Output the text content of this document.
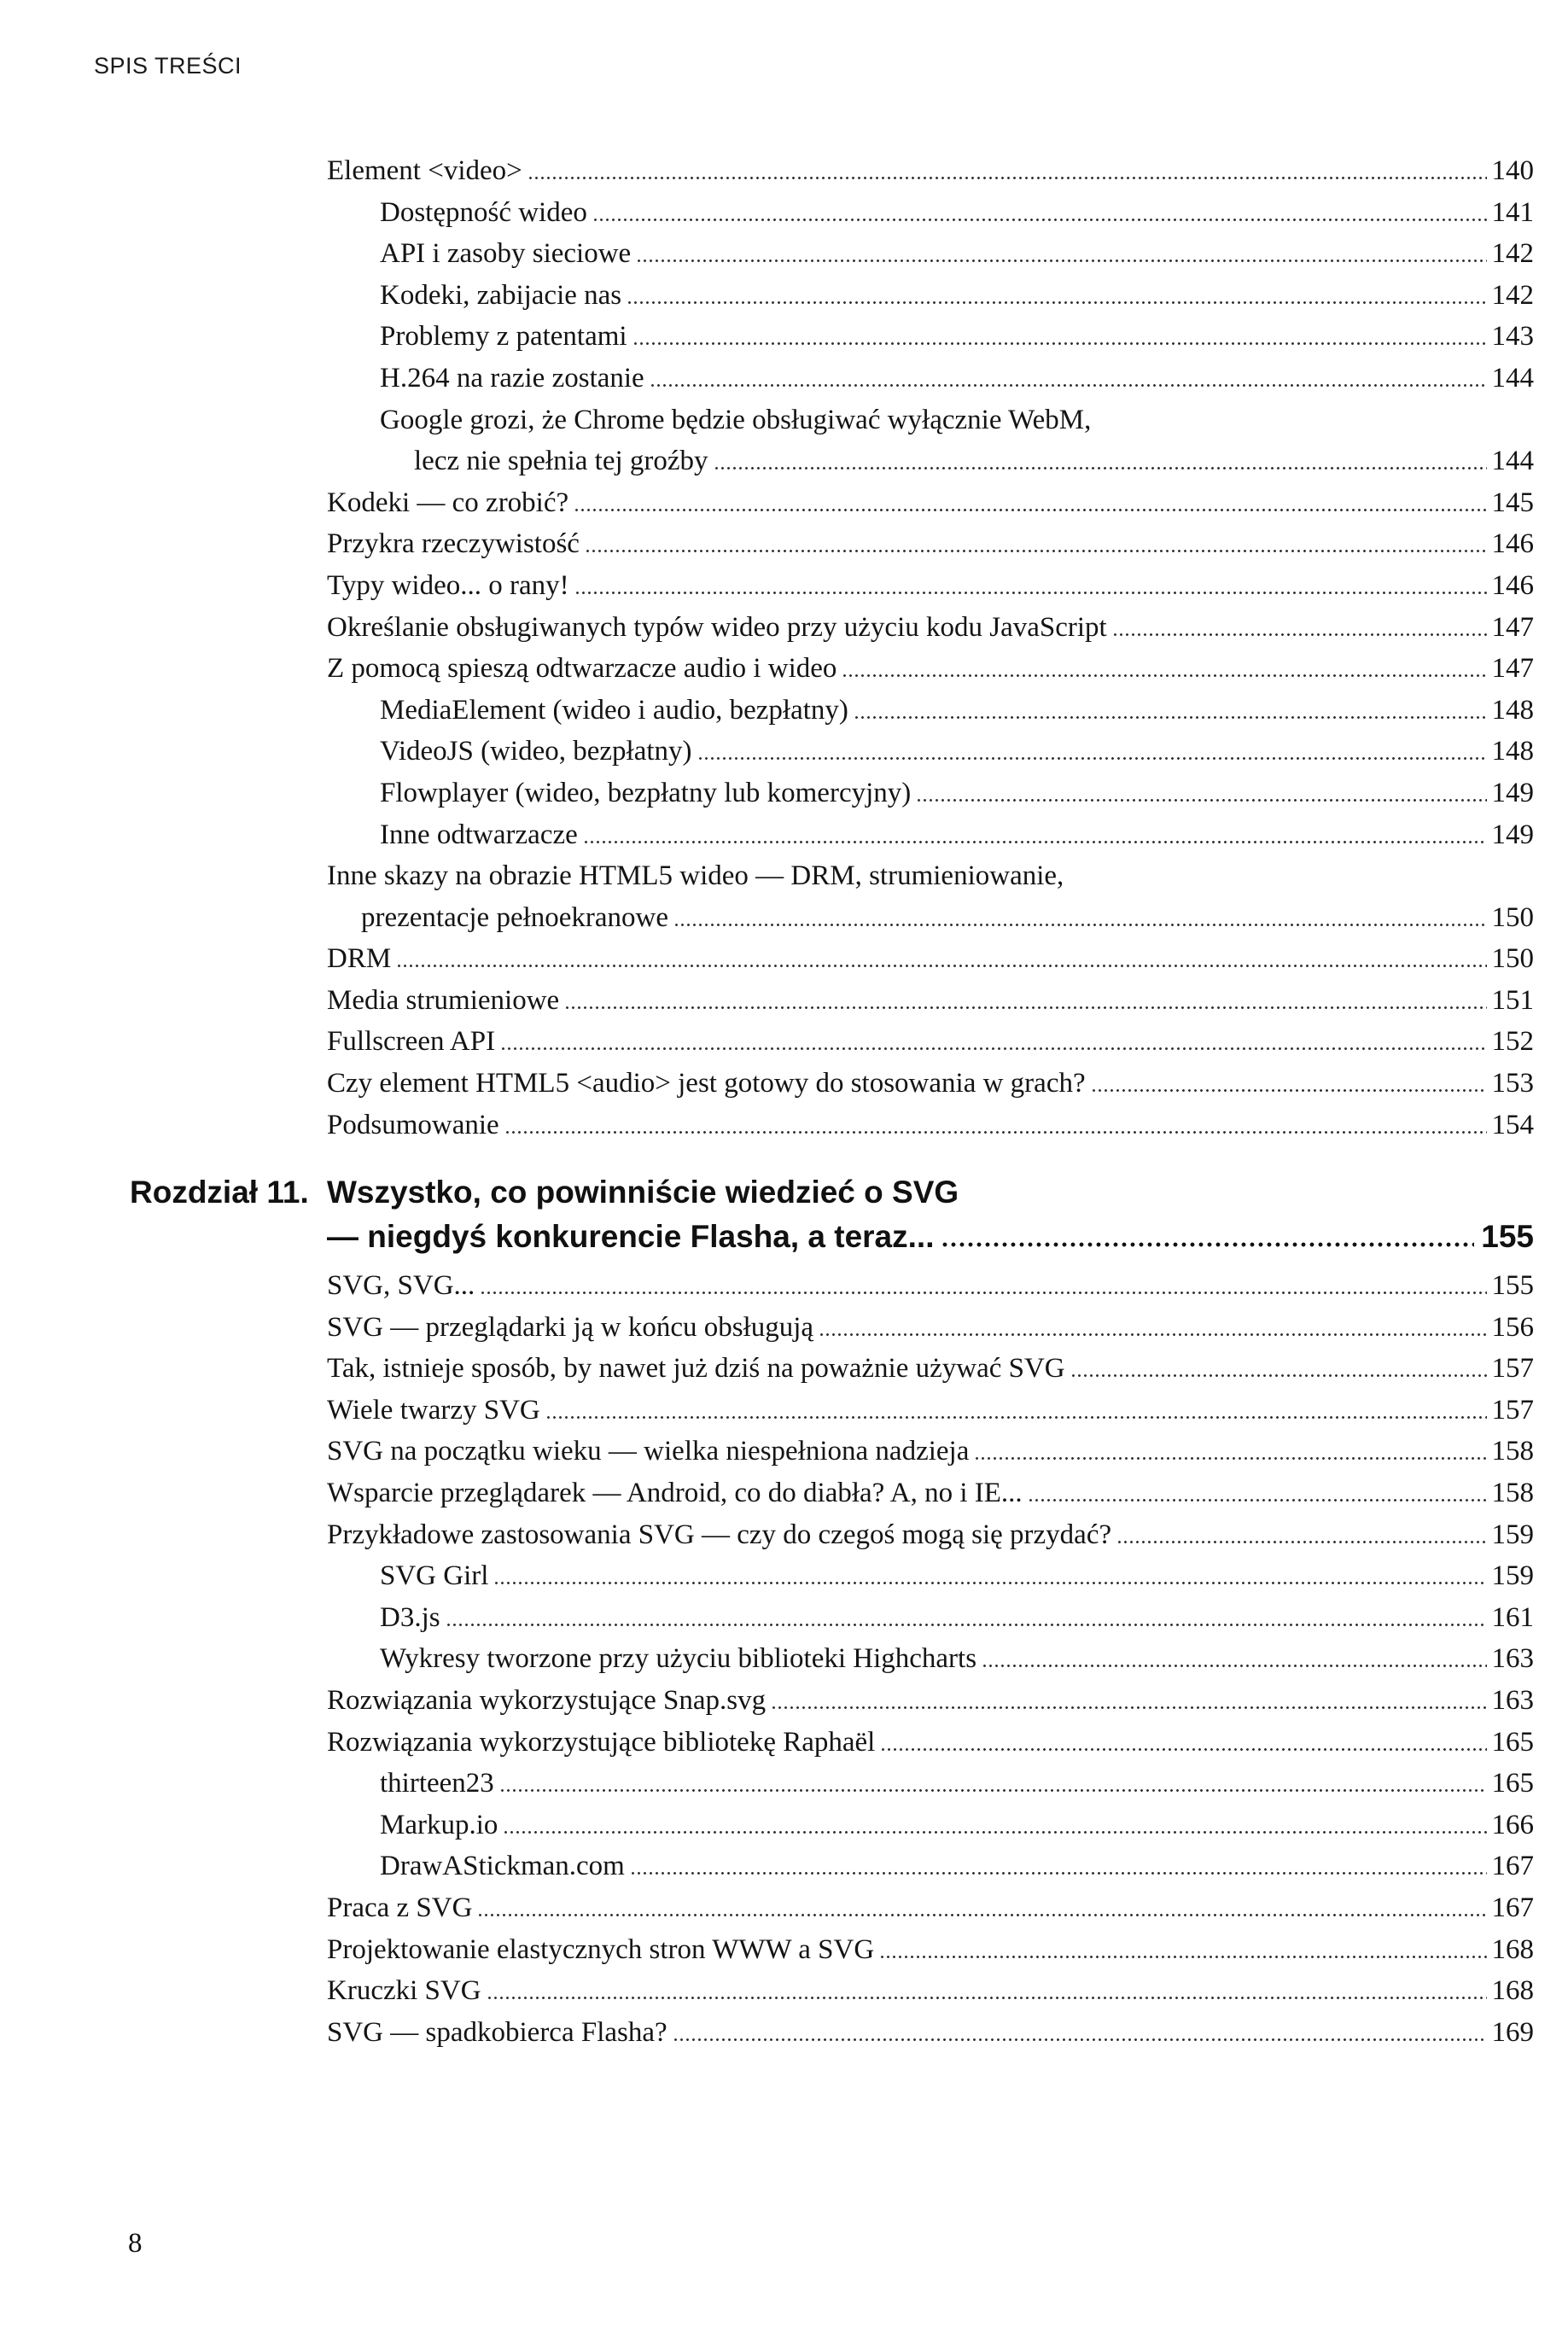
SPIS TREŚCI
Element <video>	140
Dostępność wideo	141
API i zasoby sieciowe	142
Kodeki, zabijacie nas	142
Problemy z patentami	143
H.264 na razie zostanie	144
Google grozi, że Chrome będzie obsługiwać wyłącznie WebM,
lecz nie spełnia tej groźby	144
Kodeki — co zrobić?	145
Przykra rzeczywistość	146
Typy wideo... o rany!	146
Określanie obsługiwanych typów wideo przy użyciu kodu JavaScript	147
Z pomocą spieszą odtwarzacze audio i wideo	147
MediaElement (wideo i audio, bezpłatny)	148
VideoJS (wideo, bezpłatny)	148
Flowplayer (wideo, bezpłatny lub komercyjny)	149
Inne odtwarzacze	149
Inne skazy na obrazie HTML5 wideo — DRM, strumieniowanie,
prezentacje pełnoekranowe	150
DRM	150
Media strumieniowe	151
Fullscreen API	152
Czy element HTML5 <audio> jest gotowy do stosowania w grach?	153
Podsumowanie	154
Rozdział 11. Wszystko, co powinniście wiedzieć o SVG
— niegdyś konkurencie Flasha, a teraz...	155
SVG, SVG...	155
SVG — przeglądarki ją w końcu obsługują	156
Tak, istnieje sposób, by nawet już dziś na poważnie używać SVG	157
Wiele twarzy SVG	157
SVG na początku wieku — wielka niespełniona nadzieja	158
Wsparcie przeglądarek — Android, co do diabła? A, no i IE...	158
Przykładowe zastosowania SVG — czy do czegoś mogą się przydać?	159
SVG Girl	159
D3.js	161
Wykresy tworzone przy użyciu biblioteki Highcharts	163
Rozwiązania wykorzystujące Snap.svg	163
Rozwiązania wykorzystujące bibliotekę Raphaël	165
thirteen23	165
Markup.io	166
DrawAStickman.com	167
Praca z SVG	167
Projektowanie elastycznych stron WWW a SVG	168
Kruczki SVG	168
SVG — spadkobierca Flasha?	169
8
